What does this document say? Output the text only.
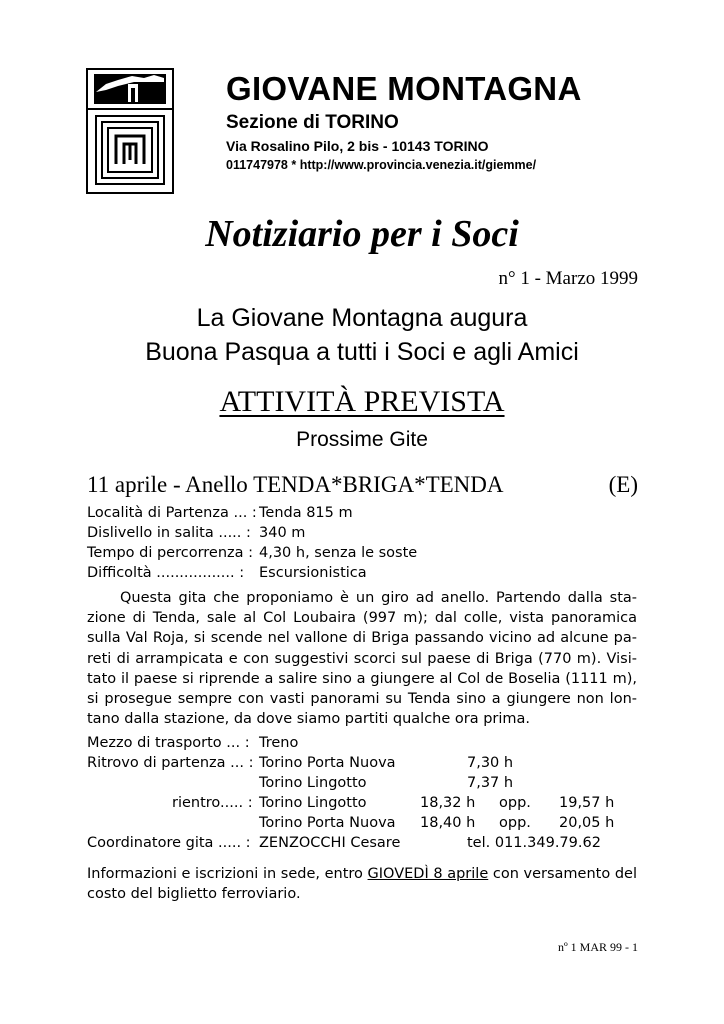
GIOVANE MONTAGNA
Sezione di TORINO
Via Rosalino Pilo, 2 bis - 10143 TORINO
011747978 * http://www.provincia.venezia.it/giemme/
Notiziario per i Soci
n° 1 - Marzo 1999
La Giovane Montagna augura
Buona Pasqua a tutti i Soci e agli Amici
ATTIVITÀ PREVISTA
Prossime Gite
11 aprile - Anello TENDA*BRIGA*TENDA	(E)
Località di Partenza ... : Tenda 815 m
Dislivello in salita ..... : 340 m
Tempo di percorrenza : 4,30 h, senza le soste
Difficoltà ................. : Escursionistica
Questa gita che proponiamo è un giro ad anello. Partendo dalla sta-zione di Tenda, sale al Col Loubaira (997 m); dal colle, vista panoramica sulla Val Roja, si scende nel vallone di Briga passando vicino ad alcune pa-reti di arrampicata e con suggestivi scorci sul paese di Briga (770 m). Visi-tato il paese si riprende a salire sino a giungere al Col de Boselia (1111 m), si prosegue sempre con vasti panorami su Tenda sino a giungere non lon-tano dalla stazione, da dove siamo partiti qualche ora prima.
Mezzo di trasporto ... : Treno
Ritrovo di partenza ... : Torino Porta Nuova	7,30 h
Torino Lingotto	7,37 h
rientro..... : Torino Lingotto	18,32 h opp. 19,57 h
Torino Porta Nuova 18,40 h opp. 20,05 h
Coordinatore gita ..... : ZENZOCCHI Cesare	tel. 011.349.79.62
Informazioni e iscrizioni in sede, entro GIOVEDÌ 8 aprile con versamento del costo del biglietto ferroviario.
nº 1 MAR 99 - 1
